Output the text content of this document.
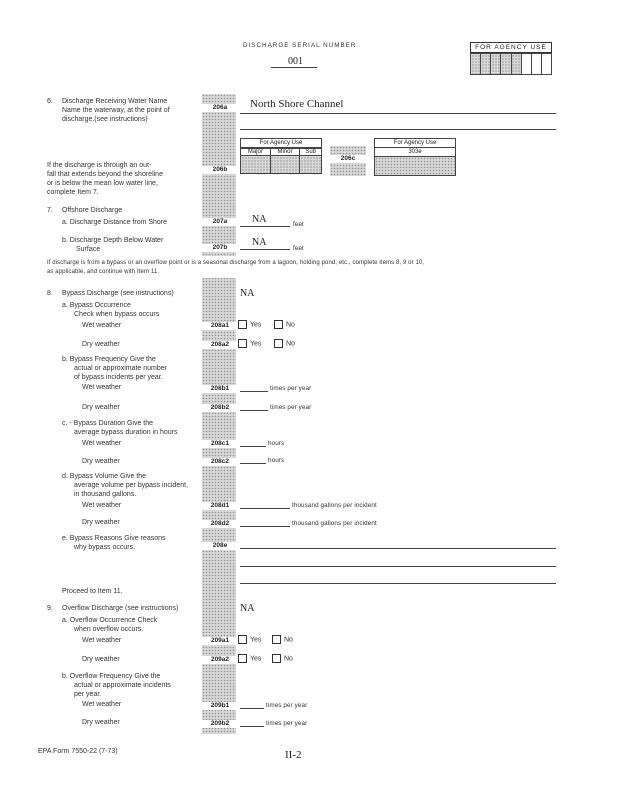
DISCHARGE SERIAL NUMBER
001
FOR AGENCY USE

6. Discharge Receiving Water Name
Name the waterway, at the point of
discharge.(see instructions)
206a	North Shore Channel
For Agency Use
Major	Minor	Sub

206c
For Agency Use
303e
If the discharge is through an out-
fall that extends beyond the shoreline
or is below the mean low water line,
complete Item 7.
206b
7. Offshore Discharge
a. Discharge Distance from Shore	207a	NA	feet
b. Discharge Depth Below Water
Surface	207b	NA
feet
If discharge is from a bypass or an overflow point or is a seasonal discharge from a lagoon, holding pond, etc., complete items 8, 9 or 10,
as applicable, and continue with Item 11.
8. Bypass Discharge (see instructions)	NA
a. Bypass Occurrence
Check when bypass occurs
Wet weather	208a1	Yes	No
Dry weather	208a2	Yes	No
b. Bypass Frequency Give the
actual or approximate number
of bypass incidents per year.
Wet weather	208b1	times per year
Dry weather	208b2	times per year
c. - Bypass Duration Give the
average bypass duration in hours
Wet weather	208c1	hours
Dry weather	208c2	hours
d. Bypass Volume Give the
average volume per bypass incident,
in thousand gallons.
Wet weather	208d1	thousand gallons per incident
Dry weather	208d2	thousand gallons per incident
e. Bypass Reasons Give reasons
why bypass occurs.	208e
Proceed to Item 11.
9. Overflow Discharge (see instructions)	NA
a. Overflow Occurrence Check
when overflow occurs.
Wet weather	209a1	Yes	No
Dry weather	209a2	Yes	No
b. Overflow Frequency Give the
actual or approximate incidents
per year.
Wet weather	209b1	times per year
Dry weather	209b2	times per year
EPA Form 7550-22 (7-73)	II-2
